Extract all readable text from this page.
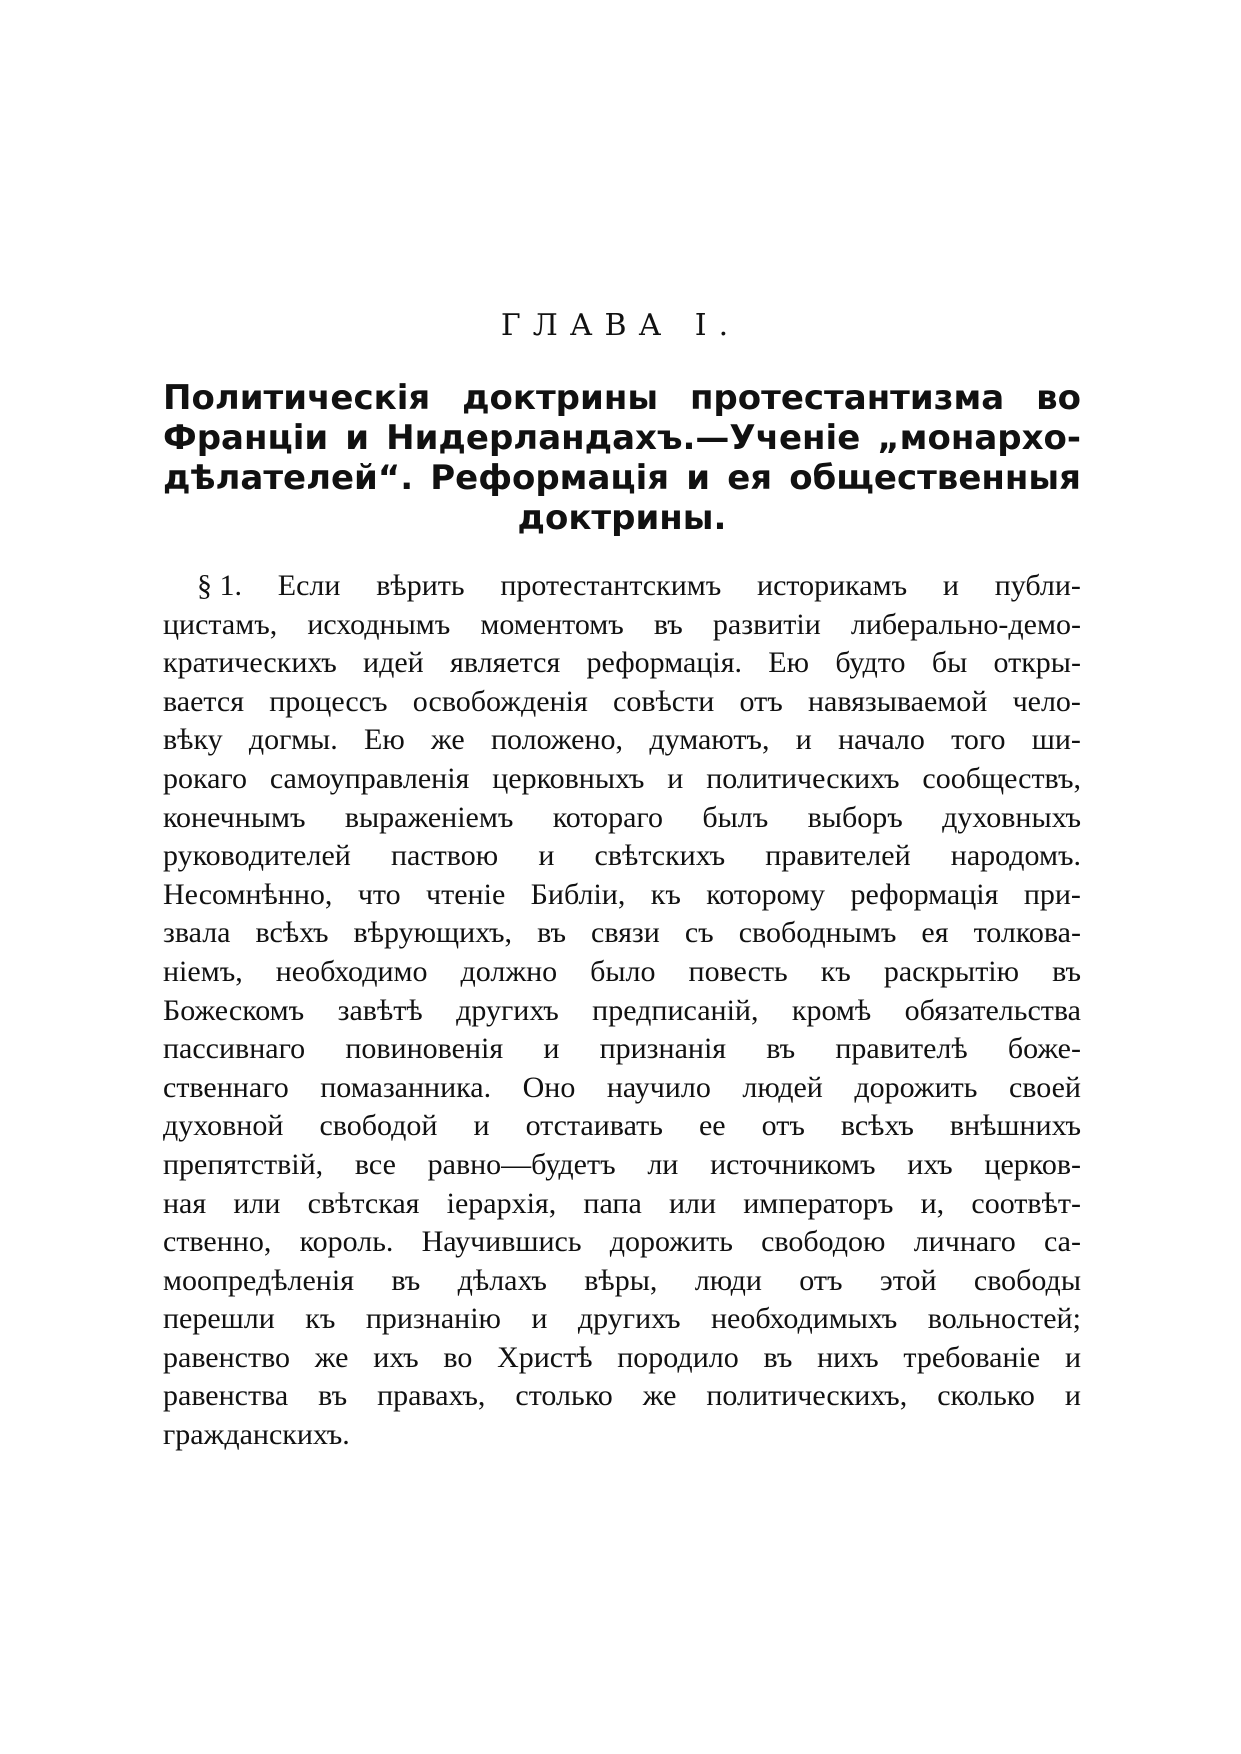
ГЛАВА I.
Политическія доктрины протестантизма во
Франціи и Нидерландахъ.—Ученіе „монархо-
дѣлателей“. Реформація и ея общественныя
доктрины.
§ 1. Если вѣрить протестантскимъ историкамъ и публи-
цистамъ, исходнымъ моментомъ въ развитіи либерально-демо-
кратическихъ идей является реформація. Ею будто бы откры-
вается процессъ освобожденія совѣсти отъ навязываемой чело-
вѣку догмы. Ею же положено, думаютъ, и начало того ши-
рокаго самоуправленія церковныхъ и политическихъ сообществъ,
конечнымъ выраженіемъ котораго былъ выборъ духовныхъ
руководителей паствою и свѣтскихъ правителей народомъ.
Несомнѣнно, что чтеніе Библіи, къ которому реформація при-
звала всѣхъ вѣрующихъ, въ связи съ свободнымъ ея толкова-
ніемъ, необходимо должно было повесть къ раскрытію въ
Божескомъ завѣтѣ другихъ предписаній, кромѣ обязательства
пассивнаго повиновенія и признанія въ правителѣ боже-
ственнаго помазанника. Оно научило людей дорожить своей
духовной свободой и отстаивать ее отъ всѣхъ внѣшнихъ
препятствій, все равно—будетъ ли источникомъ ихъ церков-
ная или свѣтская іерархія, папа или императоръ и, соотвѣт-
ственно, король. Научившись дорожить свободою личнаго са-
моопредѣленія въ дѣлахъ вѣры, люди отъ этой свободы
перешли къ признанію и другихъ необходимыхъ вольностей;
равенство же ихъ во Христѣ породило въ нихъ требованіе и
равенства въ правахъ, столько же политическихъ, сколько и
гражданскихъ.
